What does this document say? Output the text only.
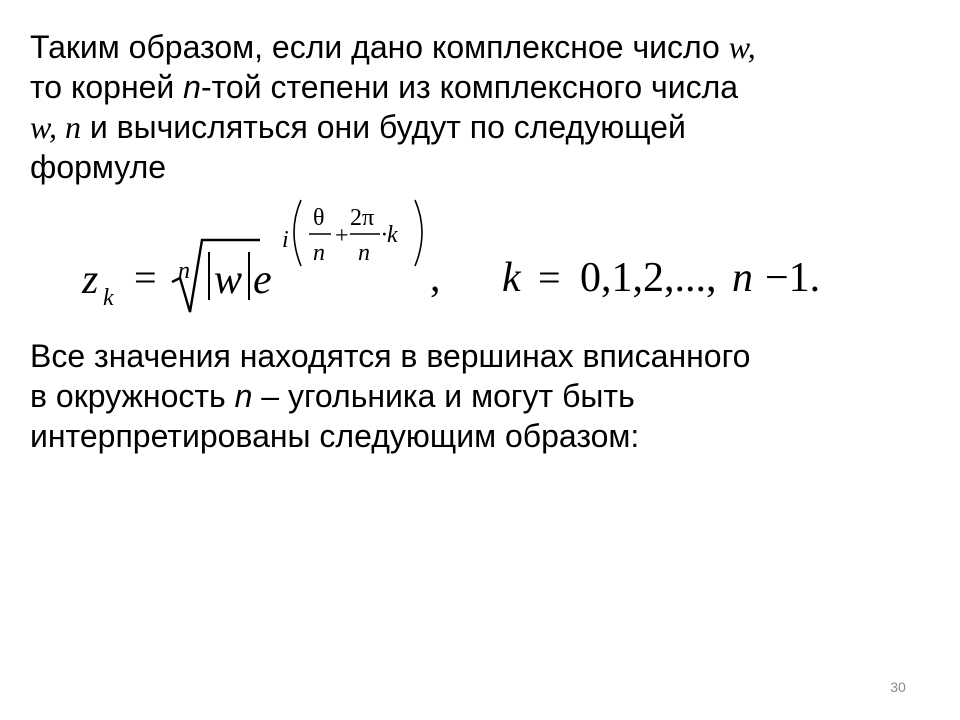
Таким образом, если дано комплексное число w,
то корней n-той степени из комплексного числа
w, n и вычисляться они будут по следующей
формуле
z k = n w e
i
θ
n
+
2π
n
·k
, k = 0,1,2,..., n −1.
Все значения находятся в вершинах вписанного
в окружность n – угольника и могут быть
интерпретированы следующим образом:
30
